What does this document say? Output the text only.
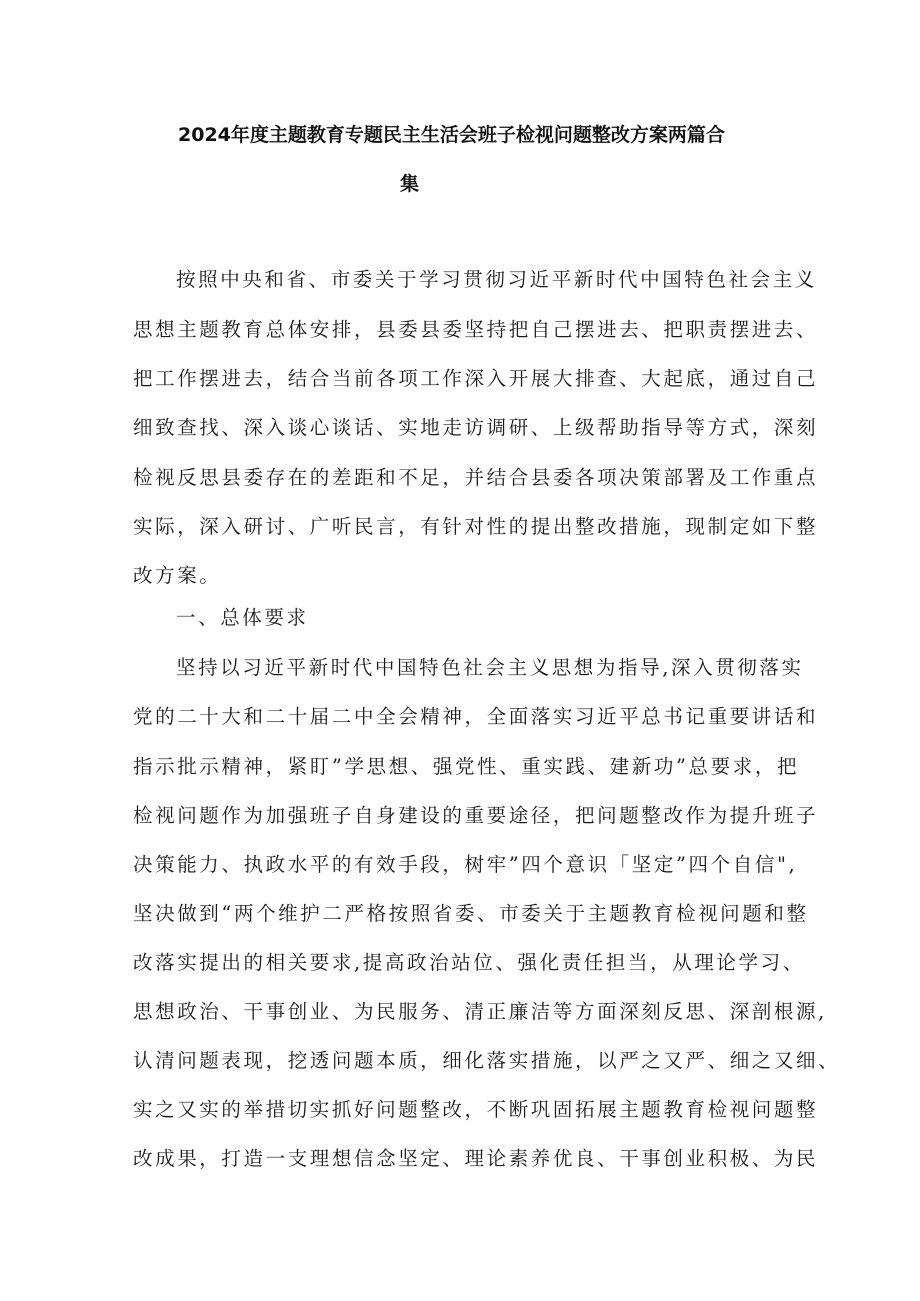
2024年度主题教育专题民主生活会班子检视问题整改方案两篇合
集
按照中央和省、市委关于学习贯彻习近平新时代中国特色社会主义
思想主题教育总体安排，县委县委坚持把自己摆进去、把职责摆进去、
把工作摆进去，结合当前各项工作深入开展大排查、大起底，通过自己
细致查找、深入谈心谈话、实地走访调研、上级帮助指导等方式，深刻
检视反思县委存在的差距和不足，并结合县委各项决策部署及工作重点
实际，深入研讨、广听民言，有针对性的提出整改措施，现制定如下整
改方案。
一、总体要求
坚持以习近平新时代中国特色社会主义思想为指导,深入贯彻落实
党的二十大和二十届二中全会精神，全面落实习近平总书记重要讲话和
指示批示精神，紧盯”学思想、强党性、重实践、建新功”总要求，把
检视问题作为加强班子自身建设的重要途径，把问题整改作为提升班子
决策能力、执政水平的有效手段，树牢”四个意识「坚定”四个自信",
坚决做到“两个维护二严格按照省委、市委关于主题教育检视问题和整
改落实提出的相关要求,提高政治站位、强化责任担当，从理论学习、
思想政治、干事创业、为民服务、清正廉洁等方面深刻反思、深剖根源,
认清问题表现，挖透问题本质，细化落实措施，以严之又严、细之又细、
实之又实的举措切实抓好问题整改，不断巩固拓展主题教育检视问题整
改成果，打造一支理想信念坚定、理论素养优良、干事创业积极、为民
